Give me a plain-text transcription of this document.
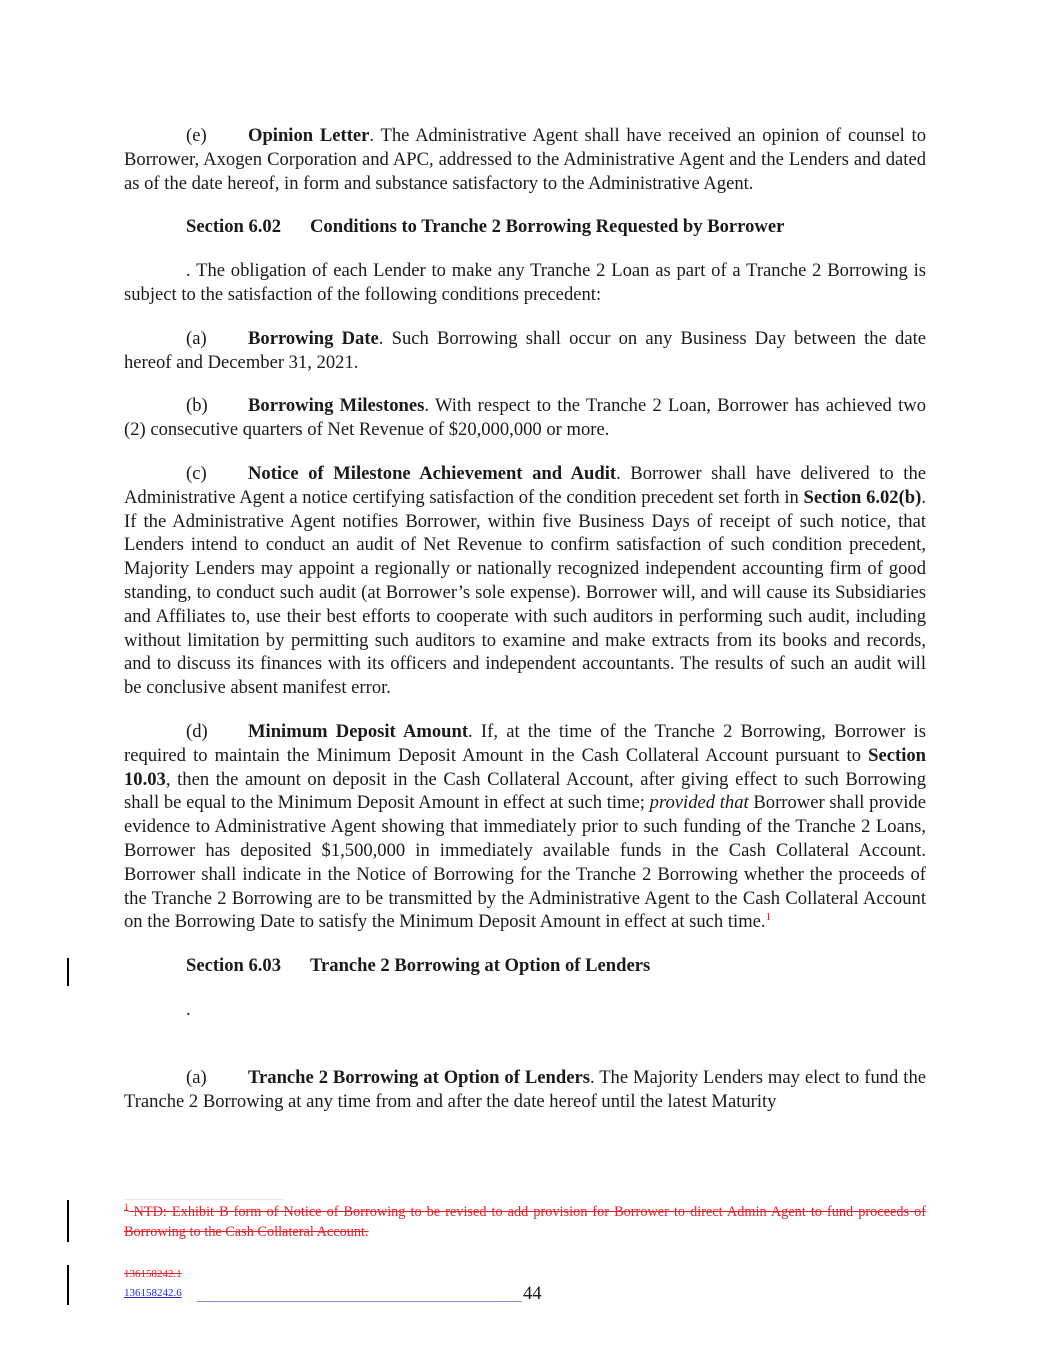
(e) Opinion Letter. The Administrative Agent shall have received an opinion of counsel to Borrower, Axogen Corporation and APC, addressed to the Administrative Agent and the Lenders and dated as of the date hereof, in form and substance satisfactory to the Administrative Agent.

Section 6.02 Conditions to Tranche 2 Borrowing Requested by Borrower

. The obligation of each Lender to make any Tranche 2 Loan as part of a Tranche 2 Borrowing is subject to the satisfaction of the following conditions precedent:

(a) Borrowing Date. Such Borrowing shall occur on any Business Day between the date hereof and December 31, 2021.

(b) Borrowing Milestones. With respect to the Tranche 2 Loan, Borrower has achieved two (2) consecutive quarters of Net Revenue of $20,000,000 or more.

(c) Notice of Milestone Achievement and Audit. Borrower shall have delivered to the Administrative Agent a notice certifying satisfaction of the condition precedent set forth in Section 6.02(b). If the Administrative Agent notifies Borrower, within five Business Days of receipt of such notice, that Lenders intend to conduct an audit of Net Revenue to confirm satisfaction of such condition precedent, Majority Lenders may appoint a regionally or nationally recognized independent accounting firm of good standing, to conduct such audit (at Borrower’s sole expense). Borrower will, and will cause its Subsidiaries and Affiliates to, use their best efforts to cooperate with such auditors in performing such audit, including without limitation by permitting such auditors to examine and make extracts from its books and records, and to discuss its finances with its officers and independent accountants. The results of such an audit will be conclusive absent manifest error.

(d) Minimum Deposit Amount. If, at the time of the Tranche 2 Borrowing, Borrower is required to maintain the Minimum Deposit Amount in the Cash Collateral Account pursuant to Section 10.03, then the amount on deposit in the Cash Collateral Account, after giving effect to such Borrowing shall be equal to the Minimum Deposit Amount in effect at such time; provided that Borrower shall provide evidence to Administrative Agent showing that immediately prior to such funding of the Tranche 2 Loans, Borrower has deposited $1,500,000 in immediately available funds in the Cash Collateral Account. Borrower shall indicate in the Notice of Borrowing for the Tranche 2 Borrowing whether the proceeds of the Tranche 2 Borrowing are to be transmitted by the Administrative Agent to the Cash Collateral Account on the Borrowing Date to satisfy the Minimum Deposit Amount in effect at such time.$^1$

Section 6.03 Tranche 2 Borrowing at Option of Lenders
.

(a) Tranche 2 Borrowing at Option of Lenders. The Majority Lenders may elect to fund the Tranche 2 Borrowing at any time from and after the date hereof until the latest Maturity

$^1$ NTD: Exhibit B form of Notice of Borrowing to be revised to add provision for Borrower to direct Admin Agent to fund proceeds of Borrowing to the Cash Collateral Account.
136158242.1
136158242.6	44
